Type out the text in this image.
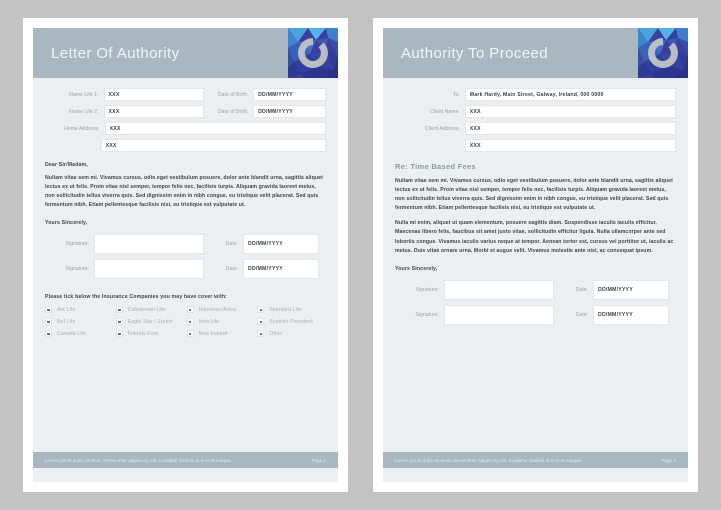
Letter Of Authority
Name Life 1:	XXX	Date of Birth:	DD/MM/YYYY
Name Life 2:	XXX	Date of Birth:	DD/MM/YYYY
Home Address:	XXX
XXX
Dear Sir/Madam,

Nullam vitae sem mi. Vivamus cursus, odio eget vestibulum posuere, dolor ante blandit urna, sagittis aliquet lectus ex ut felis. Proin vitae nisl semper, tempor felis nec, facilisis turpis. Aliquam gravida laoreet metus, non sollicitudin tellus viverra quis. Sed dignissim enim in nibh congue, eu tristique velit placerat. Sed quis fermentum nibh. Etiam pellentesque facilisis nisi, eu tristique est vulputate ut.

Yours Sincerely,
Signature:	Date:	DD/MM/YYYY
Signature:	Date:	DD/MM/YYYY
Please tick below the Insurance Companies you may have cover with:
Ark Life	Caledonian Life	Hibernian/Aviva	Standard Life
BoI Life	Eagle Star / Zurich	Irish Life	Scottish Provident
Canada Life	Friends First	New Ireland	Other
Lorem ipsum dolor sit amet, consectetur adipiscing elit. Curabitur facilisis at eros et congue.	Page 1
Authority To Proceed
To:	Mark Hardy, Main Street, Galway, Ireland, 000 0000
Client Name:	XXX
Client Address:	XXX
XXX
Re: Time Based Fees

Nullam vitae sem mi. Vivamus cursus, odio eget vestibulum posuere, dolor ante blandit urna, sagittis aliquet lectus ex ut felis. Proin vitae nisl semper, tempor felis nec, facilisis turpis. Aliquam gravida laoreet metus, non sollicitudin tellus viverra quis. Sed dignissim enim in nibh congue, eu tristique velit placerat. Sed quis fermentum nibh. Etiam pellentesque facilisis nisi, eu tristique est vulputate ut.

Nulla mi enim, aliquet ut quam elementum, posuere sagittis diam. Suspendisse iaculis iaculis efficitur. Maecenas libero felis, faucibus sit amet justo vitae, sollicitudin efficitur ligula. Nulla ullamcorper ante sed lobortis congue. Vivamus iaculis varius neque at tempor. Aenean tortor est, cursus vel porttitor ut, iaculis ac metus. Duis vitae ornare urna. Morbi et augue velit. Vivamus molestie ante nisi, ac consequat ipsum.

Yours Sincerely,
Signature:	Date:	DD/MM/YYYY
Signature:	Date:	DD/MM/YYYY
Lorem ipsum dolor sit amet, consectetur adipiscing elit. Curabitur facilisis at eros et congue.	Page 1
